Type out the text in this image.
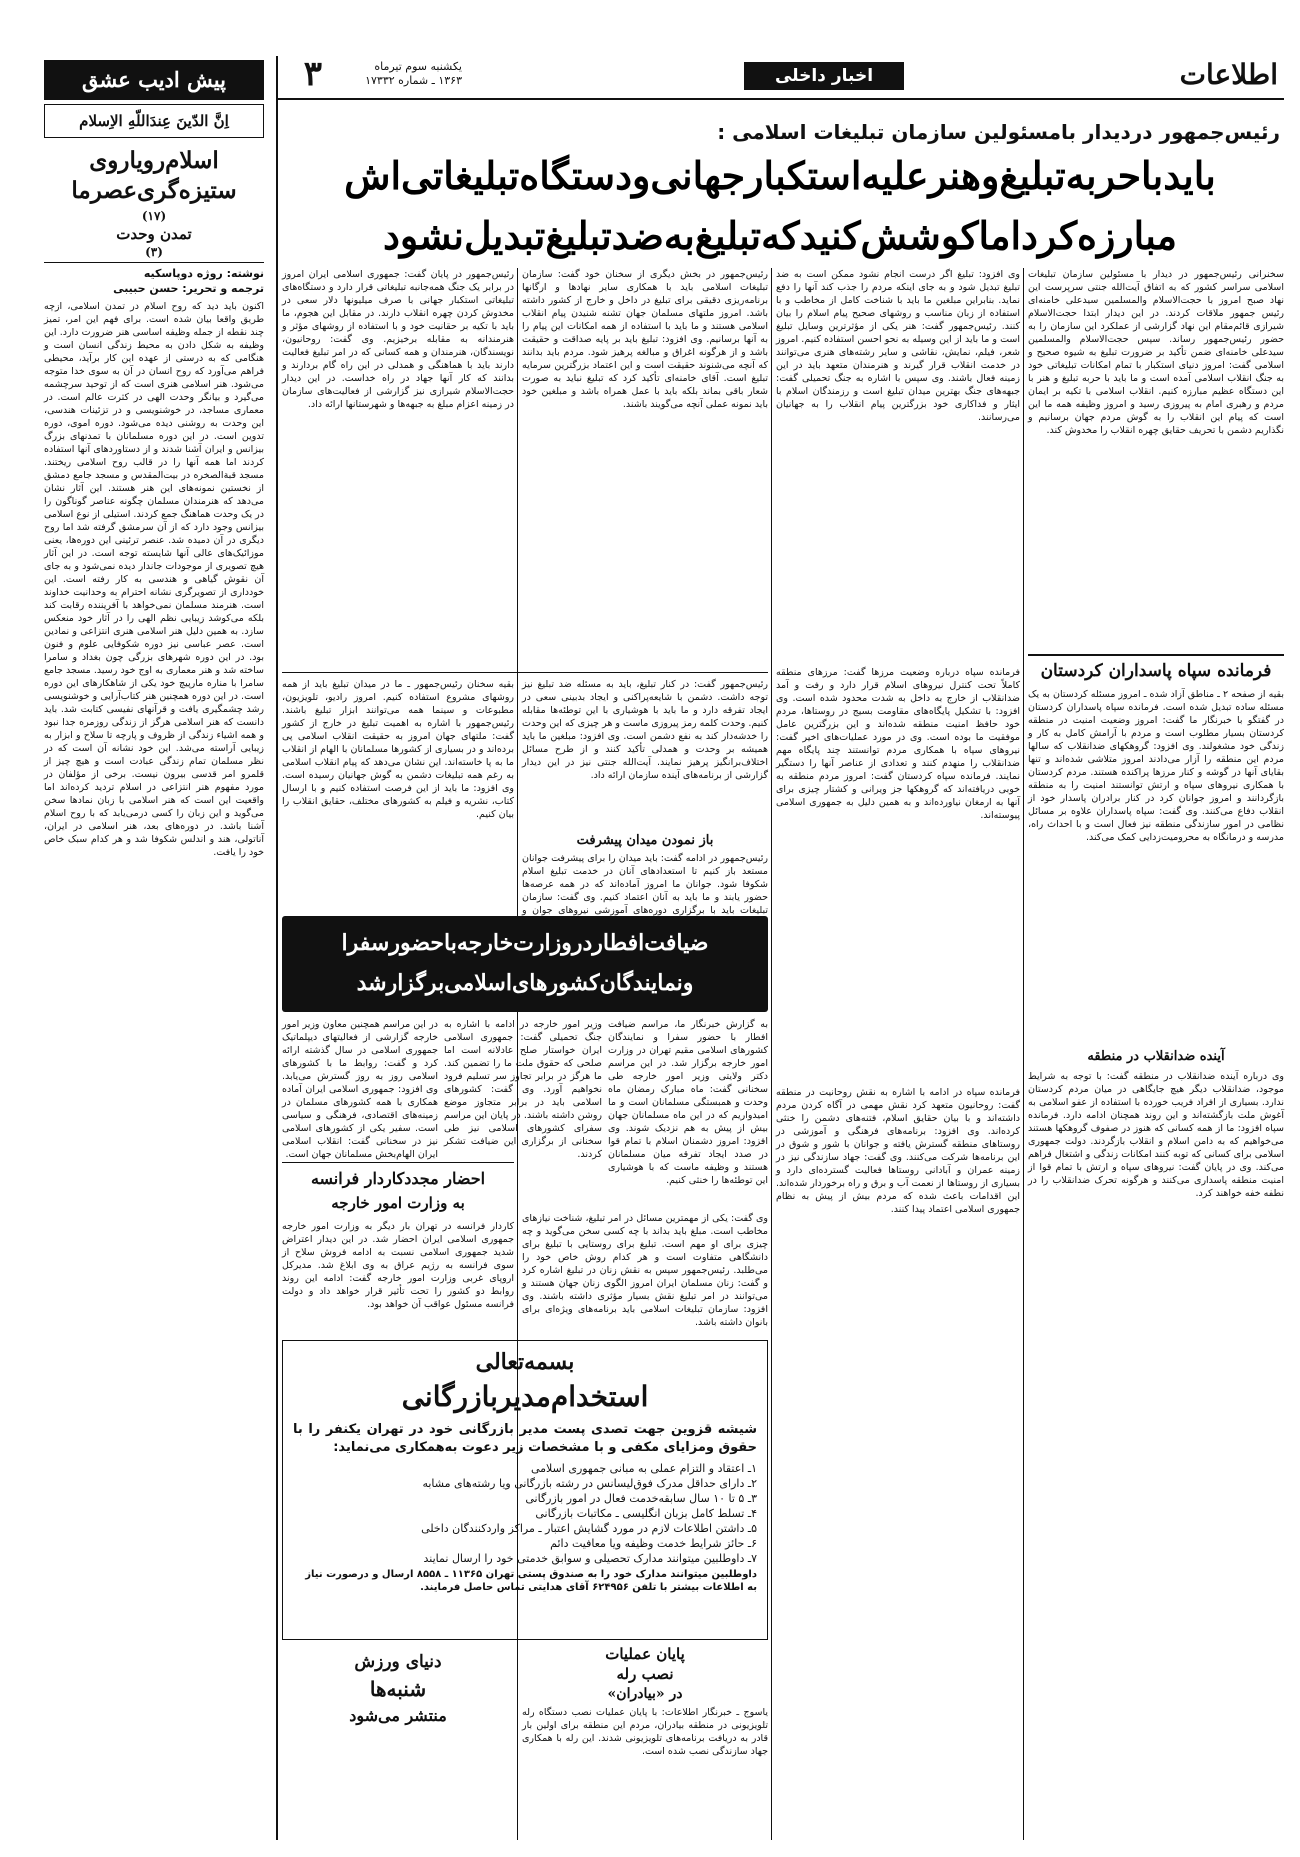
اطلاعات
اخبار داخلی
یکشنبه سوم تیرماه
۱۳۶۳ ـ شماره ۱۷۳۳۲
۳
رئیس‌جمهور دردیدار بامسئولین سازمان تبلیغات اسلامی :
بایدباحربه‌تبلیغ‌وهنرعلیه‌استکبارجهانی‌ودستگاه‌تبلیغاتی‌اش
مبارزه‌کرداماکوشش‌کنیدکه‌تبلیغ‌به‌ضدتبلیغ‌تبدیل‌نشود
سخنرانی رئیس‌جمهور در دیدار با مسئولین سازمان تبلیغات اسلامی سراسر کشور که به اتفاق آیت‌الله جنتی سرپرست این نهاد صبح امروز با حجت‌الاسلام والمسلمین سیدعلی خامنه‌ای رئیس جمهور ملاقات کردند. در این دیدار ابتدا حجت‌الاسلام شیرازی قائم‌مقام این نهاد گزارشی از عملکرد این سازمان را به حضور رئیس‌جمهور رساند. سپس حجت‌الاسلام والمسلمین سیدعلی خامنه‌ای ضمن تأکید بر ضرورت تبلیغ به شیوه صحیح و اسلامی گفت: امروز دنیای استکبار با تمام امکانات تبلیغاتی خود به جنگ انقلاب اسلامی آمده است و ما باید با حربه تبلیغ و هنر با این دستگاه عظیم مبارزه کنیم. انقلاب اسلامی با تکیه بر ایمان مردم و رهبری امام به پیروزی رسید و امروز وظیفه همه ما این است که پیام این انقلاب را به گوش مردم جهان برسانیم و نگذاریم دشمن با تحریف حقایق چهره انقلاب را مخدوش کند.
وی افزود: تبلیغ اگر درست انجام نشود ممکن است به ضد تبلیغ تبدیل شود و به جای اینکه مردم را جذب کند آنها را دفع نماید. بنابراین مبلغین ما باید با شناخت کامل از مخاطب و با استفاده از زبان مناسب و روشهای صحیح پیام اسلام را بیان کنند. رئیس‌جمهور گفت: هنر یکی از مؤثرترین وسایل تبلیغ است و ما باید از این وسیله به نحو احسن استفاده کنیم. امروز شعر، فیلم، نمایش، نقاشی و سایر رشته‌های هنری می‌توانند در خدمت انقلاب قرار گیرند و هنرمندان متعهد باید در این زمینه فعال باشند. وی سپس با اشاره به جنگ تحمیلی گفت: جبهه‌های جنگ بهترین میدان تبلیغ است و رزمندگان اسلام با ایثار و فداکاری خود بزرگترین پیام انقلاب را به جهانیان می‌رسانند.
رئیس‌جمهور در بخش دیگری از سخنان خود گفت: سازمان تبلیغات اسلامی باید با همکاری سایر نهادها و ارگانها برنامه‌ریزی دقیقی برای تبلیغ در داخل و خارج از کشور داشته باشد. امروز ملتهای مسلمان جهان تشنه شنیدن پیام انقلاب اسلامی هستند و ما باید با استفاده از همه امکانات این پیام را به آنها برسانیم. وی افزود: تبلیغ باید بر پایه صداقت و حقیقت باشد و از هرگونه اغراق و مبالغه پرهیز شود. مردم باید بدانند که آنچه می‌شنوند حقیقت است و این اعتماد بزرگترین سرمایه تبلیغ است. آقای خامنه‌ای تأکید کرد که تبلیغ نباید به صورت شعار باقی بماند بلکه باید با عمل همراه باشد و مبلغین خود باید نمونه عملی آنچه می‌گویند باشند.
رئیس‌جمهور در پایان گفت: جمهوری اسلامی ایران امروز در برابر یک جنگ همه‌جانبه تبلیغاتی قرار دارد و دستگاه‌های تبلیغاتی استکبار جهانی با صرف میلیونها دلار سعی در مخدوش کردن چهره انقلاب دارند. در مقابل این هجوم، ما باید با تکیه بر حقانیت خود و با استفاده از روشهای مؤثر و هنرمندانه به مقابله برخیزیم. وی گفت: روحانیون، نویسندگان، هنرمندان و همه کسانی که در امر تبلیغ فعالیت دارند باید با هماهنگی و همدلی در این راه گام بردارند و بدانند که کار آنها جهاد در راه خداست. در این دیدار حجت‌الاسلام شیرازی نیز گزارشی از فعالیت‌های سازمان در زمینه اعزام مبلغ به جبهه‌ها و شهرستانها ارائه داد.
فرمانده سپاه پاسداران کردستان
بقیه از صفحه ۲ ـ مناطق آزاد شده ـ امروز مسئله کردستان به یک مسئله ساده تبدیل شده است. فرمانده سپاه پاسداران کردستان در گفتگو با خبرنگار ما گفت: امروز وضعیت امنیت در منطقه کردستان بسیار مطلوب است و مردم با آرامش کامل به کار و زندگی خود مشغولند. وی افزود: گروهکهای ضدانقلاب که سالها مردم این منطقه را آزار می‌دادند امروز متلاشی شده‌اند و تنها بقایای آنها در گوشه و کنار مرزها پراکنده هستند. مردم کردستان با همکاری نیروهای سپاه و ارتش توانستند امنیت را به منطقه بازگردانند و امروز جوانان کرد در کنار برادران پاسدار خود از انقلاب دفاع می‌کنند. وی گفت: سپاه پاسداران علاوه بر مسائل نظامی در امور سازندگی منطقه نیز فعال است و با احداث راه، مدرسه و درمانگاه به محرومیت‌زدایی کمک می‌کند.
آینده ضدانقلاب در منطقه
وی درباره آینده ضدانقلاب در منطقه گفت: با توجه به شرایط موجود، ضدانقلاب دیگر هیچ جایگاهی در میان مردم کردستان ندارد. بسیاری از افراد فریب خورده با استفاده از عفو اسلامی به آغوش ملت بازگشته‌اند و این روند همچنان ادامه دارد. فرمانده سپاه افزود: ما از همه کسانی که هنوز در صفوف گروهکها هستند می‌خواهیم که به دامن اسلام و انقلاب بازگردند. دولت جمهوری اسلامی برای کسانی که توبه کنند امکانات زندگی و اشتغال فراهم می‌کند. وی در پایان گفت: نیروهای سپاه و ارتش با تمام قوا از امنیت منطقه پاسداری می‌کنند و هرگونه تحرک ضدانقلاب را در نطفه خفه خواهند کرد.
فرمانده سپاه درباره وضعیت مرزها گفت: مرزهای منطقه کاملاً تحت کنترل نیروهای اسلام قرار دارد و رفت و آمد ضدانقلاب از خارج به داخل به شدت محدود شده است. وی افزود: با تشکیل پایگاه‌های مقاومت بسیج در روستاها، مردم خود حافظ امنیت منطقه شده‌اند و این بزرگترین عامل موفقیت ما بوده است. وی در مورد عملیات‌های اخیر گفت: نیروهای سپاه با همکاری مردم توانستند چند پایگاه مهم ضدانقلاب را منهدم کنند و تعدادی از عناصر آنها را دستگیر نمایند. فرمانده سپاه کردستان گفت: امروز مردم منطقه به خوبی دریافته‌اند که گروهکها جز ویرانی و کشتار چیزی برای آنها به ارمغان نیاورده‌اند و به همین دلیل به جمهوری اسلامی پیوسته‌اند.
فرمانده سپاه در ادامه با اشاره به نقش روحانیت در منطقه گفت: روحانیون متعهد کرد نقش مهمی در آگاه کردن مردم داشته‌اند و با بیان حقایق اسلام، فتنه‌های دشمن را خنثی کرده‌اند. وی افزود: برنامه‌های فرهنگی و آموزشی در روستاهای منطقه گسترش یافته و جوانان با شور و شوق در این برنامه‌ها شرکت می‌کنند. وی گفت: جهاد سازندگی نیز در زمینه عمران و آبادانی روستاها فعالیت گسترده‌ای دارد و بسیاری از روستاها از نعمت آب و برق و راه برخوردار شده‌اند. این اقدامات باعث شده که مردم بیش از پیش به نظام جمهوری اسلامی اعتماد پیدا کنند.
رئیس‌جمهور گفت: در کنار تبلیغ، باید به مسئله ضد تبلیغ نیز توجه داشت. دشمن با شایعه‌پراکنی و ایجاد بدبینی سعی در ایجاد تفرقه دارد و ما باید با هوشیاری با این توطئه‌ها مقابله کنیم. وحدت کلمه رمز پیروزی ماست و هر چیزی که این وحدت را خدشه‌دار کند به نفع دشمن است. وی افزود: مبلغین ما باید همیشه بر وحدت و همدلی تأکید کنند و از طرح مسائل اختلاف‌برانگیز پرهیز نمایند. آیت‌الله جنتی نیز در این دیدار گزارشی از برنامه‌های آینده سازمان ارائه داد.
باز نمودن میدان پیشرفت
رئیس‌جمهور در ادامه گفت: باید میدان را برای پیشرفت جوانان مستعد باز کنیم تا استعدادهای آنان در خدمت تبلیغ اسلام شکوفا شود. جوانان ما امروز آماده‌اند که در همه عرصه‌ها حضور یابند و ما باید به آنان اعتماد کنیم. وی گفت: سازمان تبلیغات باید با برگزاری دوره‌های آموزشی نیروهای جوان و
بقیه سخنان رئیس‌جمهور ـ ما در میدان تبلیغ باید از همه روشهای مشروع استفاده کنیم. امروز رادیو، تلویزیون، مطبوعات و سینما همه می‌توانند ابزار تبلیغ باشند. رئیس‌جمهور با اشاره به اهمیت تبلیغ در خارج از کشور گفت: ملتهای جهان امروز به حقیقت انقلاب اسلامی پی برده‌اند و در بسیاری از کشورها مسلمانان با الهام از انقلاب ما به پا خاسته‌اند. این نشان می‌دهد که پیام انقلاب اسلامی به رغم همه تبلیغات دشمن به گوش جهانیان رسیده است. وی افزود: ما باید از این فرصت استفاده کنیم و با ارسال کتاب، نشریه و فیلم به کشورهای مختلف، حقایق انقلاب را بیان کنیم.
ضیافت‌افطاردروزارت‌خارجه‌باحضورسفرا
ونمایندگان‌کشورهای‌اسلامی‌برگزارشد
به گزارش خبرنگار ما، مراسم ضیافت افطار با حضور سفرا و نمایندگان کشورهای اسلامی مقیم تهران در وزارت امور خارجه برگزار شد. در این مراسم دکتر ولایتی وزیر امور خارجه طی سخنانی گفت: ماه مبارک رمضان ماه وحدت و همبستگی مسلمانان است و ما امیدواریم که در این ماه مسلمانان جهان بیش از پیش به هم نزدیک شوند. وی افزود: امروز دشمنان اسلام با تمام قوا در صدد ایجاد تفرقه میان مسلمانان هستند و وظیفه ماست که با هوشیاری این توطئه‌ها را خنثی کنیم.
وزیر امور خارجه در ادامه با اشاره به جنگ تحمیلی گفت: جمهوری اسلامی ایران خواستار صلح عادلانه است اما صلحی که حقوق ملت ما را تضمین کند. ما هرگز در برابر تجاوز سر تسلیم فرود نخواهیم آورد. وی گفت: کشورهای اسلامی باید در برابر متجاوز موضع روشن داشته باشند. در پایان این مراسم سفرای کشورهای اسلامی نیز طی سخنانی از برگزاری این ضیافت تشکر کردند.
در این مراسم همچنین معاون وزیر امور خارجه گزارشی از فعالیتهای دیپلماتیک جمهوری اسلامی در سال گذشته ارائه کرد و گفت: روابط ما با کشورهای اسلامی روز به روز گسترش می‌یابد. وی افزود: جمهوری اسلامی ایران آماده همکاری با همه کشورهای مسلمان در زمینه‌های اقتصادی، فرهنگی و سیاسی است. سفیر یکی از کشورهای اسلامی نیز در سخنانی گفت: انقلاب اسلامی ایران الهام‌بخش مسلمانان جهان است.
وی گفت: یکی از مهمترین مسائل در امر تبلیغ، شناخت نیازهای مخاطب است. مبلغ باید بداند با چه کسی سخن می‌گوید و چه چیزی برای او مهم است. تبلیغ برای روستایی با تبلیغ برای دانشگاهی متفاوت است و هر کدام روش خاص خود را می‌طلبد. رئیس‌جمهور سپس به نقش زنان در تبلیغ اشاره کرد و گفت: زنان مسلمان ایران امروز الگوی زنان جهان هستند و می‌توانند در امر تبلیغ نقش بسیار مؤثری داشته باشند. وی افزود: سازمان تبلیغات اسلامی باید برنامه‌های ویژه‌ای برای بانوان داشته باشد.
احضار مجددکاردار فرانسه
به وزارت امور خارجه
کاردار فرانسه در تهران بار دیگر به وزارت امور خارجه جمهوری اسلامی ایران احضار شد. در این دیدار اعتراض شدید جمهوری اسلامی نسبت به ادامه فروش سلاح از سوی فرانسه به رژیم عراق به وی ابلاغ شد. مدیرکل اروپای غربی وزارت امور خارجه گفت: ادامه این روند روابط دو کشور را تحت تأثیر قرار خواهد داد و دولت فرانسه مسئول عواقب آن خواهد بود.
بسمه‌تعالی
استخدام‌مدیربازرگانی
شیشه قزوین جهت تصدی پست مدیر بازرگانی خود در تهران یکنفر را با حقوق ومزایای مکفی و با مشخصات زیر دعوت به‌همکاری می‌نماید:
۱ـ اعتقاد و التزام عملی به مبانی جمهوری اسلامی
۲ـ دارای حداقل مدرک فوق‌لیسانس در رشته بازرگانی ویا رشته‌های مشابه
۳ـ ۵ تا ۱۰ سال سابقه‌خدمت فعال در امور بازرگانی
۴ـ تسلط کامل بزبان انگلیسی ـ مکاتبات بازرگانی
۵ـ داشتن اطلاعات لازم در مورد گشایش اعتبار ـ مراکز واردکنندگان داخلی
۶ـ حائز شرایط خدمت وظیفه ویا معافیت دائم
۷ـ داوطلبین میتوانند مدارک تحصیلی و سوابق خدمتی خود را ارسال نمایند
داوطلبین میتوانند مدارک خود را به صندوق پستی تهران ۱۱۳۶۵ ـ ۸۵۵۸ ارسال و درصورت نیاز به اطلاعات بیشتر با تلفن ۶۲۴۹۵۶ آقای هدایتی تماس حاصل فرمایند.
پایان عملیات
پیش ادیب عشق
اِنَّ الدّینَ عِندَاللّهِ الاِسلام
اسلام‌رویاروی
ستیزه‌گری‌عصرما
(۱۷)
تمدن وحدت
(۳)
نوشته: روژه دوپاسکیه
ترجمه و تحریر: حسن حبیبی
اکنون باید دید که روح اسلام در تمدن اسلامی، ازچه طریق واقعا بیان شده است. برای فهم این امر، تمیز چند نقطه از جمله وظیفه اساسی هنر ضرورت دارد. این وظیفه به شکل دادن به محیط زندگی انسان است و هنگامی که به درستی از عهده این کار برآید، محیطی فراهم می‌آورد که روح انسان در آن به سوی خدا متوجه می‌شود. هنر اسلامی هنری است که از توحید سرچشمه می‌گیرد و بیانگر وحدت الهی در کثرت عالم است. در معماری مساجد، در خوشنویسی و در تزئینات هندسی، این وحدت به روشنی دیده می‌شود. دوره اموی، دوره تدوین است. در این دوره مسلمانان با تمدنهای بزرگ بیزانس و ایران آشنا شدند و از دستاوردهای آنها استفاده کردند اما همه آنها را در قالب روح اسلامی ریختند. مسجد قبةالصخره در بیت‌المقدس و مسجد جامع دمشق از نخستین نمونه‌های این هنر هستند. این آثار نشان می‌دهد که هنرمندان مسلمان چگونه عناصر گوناگون را در یک وحدت هماهنگ جمع کردند. استیلی از نوع اسلامی بیزانس وجود دارد که از آن سرمشق گرفته شد اما روح دیگری در آن دمیده شد. عنصر ترئینی این دوره‌ها، یعنی موزائیک‌های عالی آنها شایسته توجه است. در این آثار هیچ تصویری از موجودات جاندار دیده نمی‌شود و به جای آن نقوش گیاهی و هندسی به کار رفته است. این خودداری از تصویرگری نشانه احترام به وحدانیت خداوند است. هنرمند مسلمان نمی‌خواهد با آفریننده رقابت کند بلکه می‌کوشد زیبایی نظم الهی را در آثار خود منعکس سازد. به همین دلیل هنر اسلامی هنری انتزاعی و نمادین است. عصر عباسی نیز دوره شکوفایی علوم و فنون بود. در این دوره شهرهای بزرگی چون بغداد و سامرا ساخته شد و هنر معماری به اوج خود رسید. مسجد جامع سامرا با مناره مارپیچ خود یکی از شاهکارهای این دوره است. در این دوره همچنین هنر کتاب‌آرایی و خوشنویسی رشد چشمگیری یافت و قرآنهای نفیسی کتابت شد. باید دانست که هنر اسلامی هرگز از زندگی روزمره جدا نبود و همه اشیاء زندگی از ظروف و پارچه تا سلاح و ابزار به زیبایی آراسته می‌شد. این خود نشانه آن است که در نظر مسلمان تمام زندگی عبادت است و هیچ چیز از قلمرو امر قدسی بیرون نیست. برخی از مؤلفان در مورد مفهوم هنر انتزاعی در اسلام تردید کرده‌اند اما واقعیت این است که هنر اسلامی با زبان نمادها سخن می‌گوید و این زبان را کسی درمی‌یابد که با روح اسلام آشنا باشد. در دوره‌های بعد، هنر اسلامی در ایران، آناتولی، هند و اندلس شکوفا شد و هر کدام سبک خاص خود را یافت.
نصب رله
در «بیادران»
یاسوج ـ خبرنگار اطلاعات: با پایان عملیات نصب دستگاه رله تلویزیونی در منطقه بیادران، مردم این منطقه برای اولین بار قادر به دریافت برنامه‌های تلویزیونی شدند. این رله با همکاری جهاد سازندگی نصب شده است.
دنیای ورزش
شنبه‌ها
منتشر می‌شود
